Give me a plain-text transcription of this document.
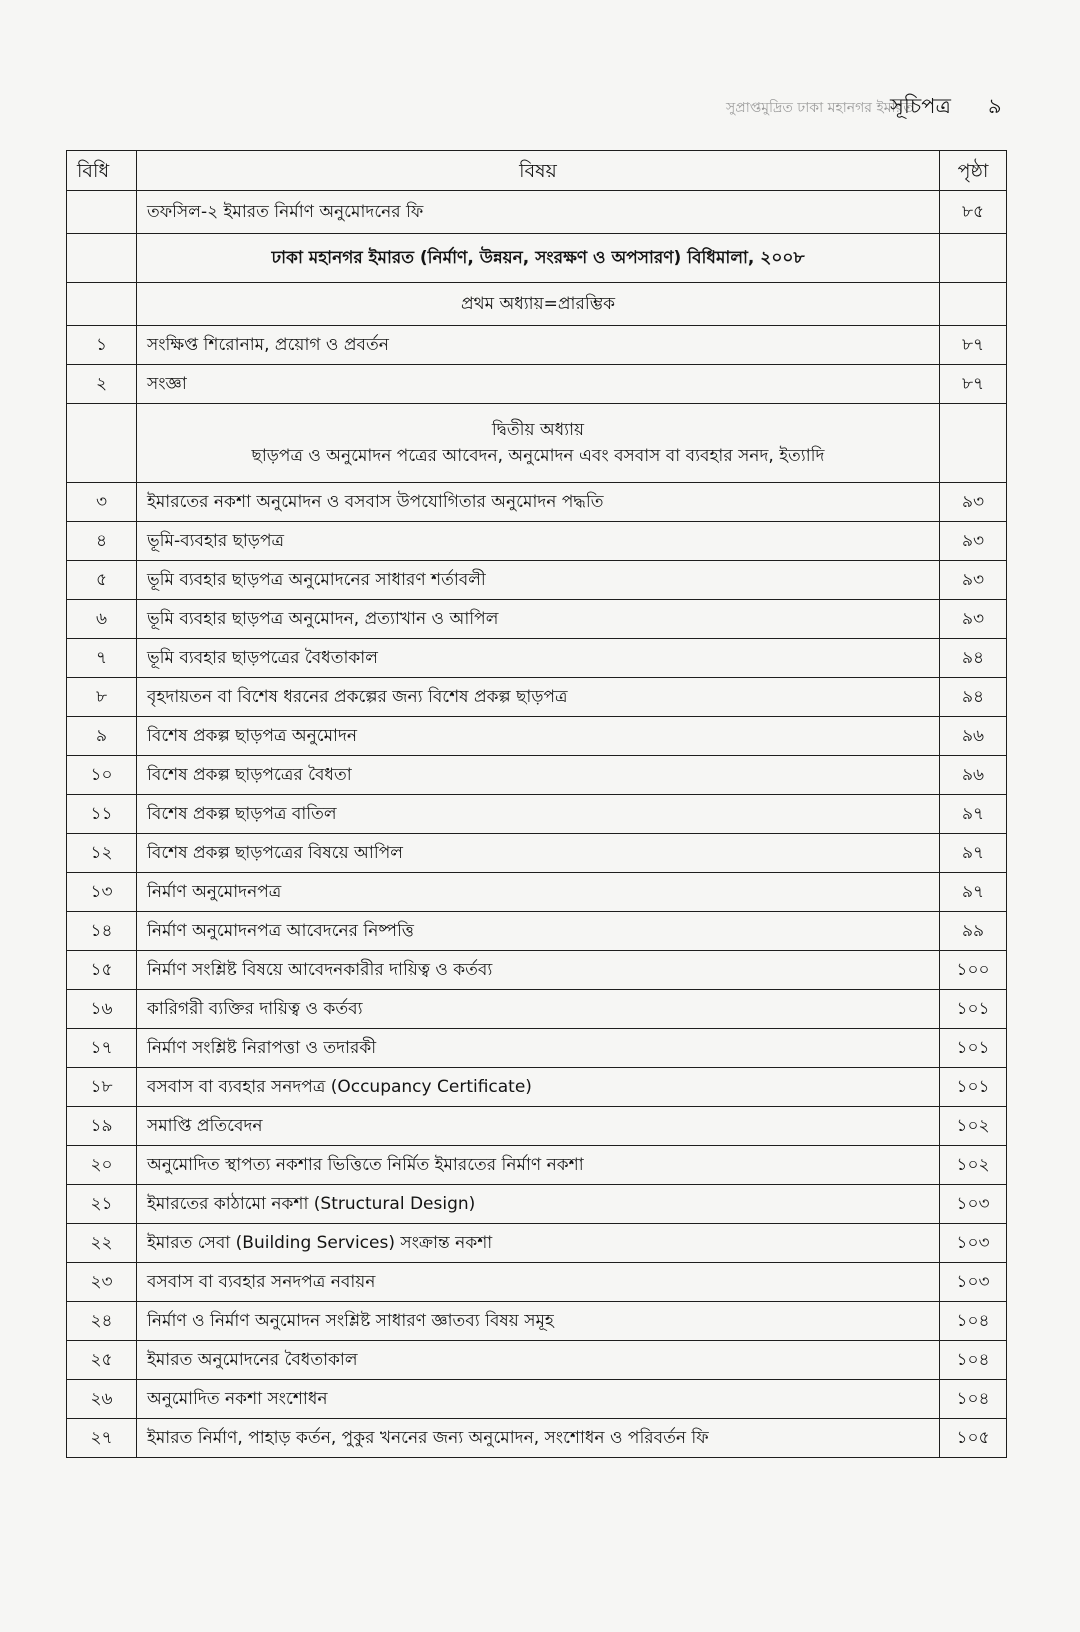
সুপ্রাপ্তমুদ্রিত ঢাকা মহানগর ইমারত
সূচিপত্র ৯
বিধি	বিষয়	পৃষ্ঠা
	তফসিল-২ ইমারত নির্মাণ অনুমোদনের ফি	৮৫
	ঢাকা মহানগর ইমারত (নির্মাণ, উন্নয়ন, সংরক্ষণ ও অপসারণ) বিধিমালা, ২০০৮	
	প্রথম অধ্যায়=প্রারম্ভিক	
১	সংক্ষিপ্ত শিরোনাম, প্রয়োগ ও প্রবর্তন	৮৭
২	সংজ্ঞা	৮৭

	দ্বিতীয় অধ্যায়
ছাড়পত্র ও অনুমোদন পত্রের আবেদন, অনুমোদন এবং বসবাস বা ব্যবহার সনদ, ইত্যাদি	

৩	ইমারতের নকশা অনুমোদন ও বসবাস উপযোগিতার অনুমোদন পদ্ধতি	৯৩
৪	ভূমি-ব্যবহার ছাড়পত্র	৯৩
৫	ভূমি ব্যবহার ছাড়পত্র অনুমোদনের সাধারণ শর্তাবলী	৯৩
৬	ভূমি ব্যবহার ছাড়পত্র অনুমোদন, প্রত্যাখান ও আপিল	৯৩
৭	ভূমি ব্যবহার ছাড়পত্রের বৈধতাকাল	৯৪
৮	বৃহদায়তন বা বিশেষ ধরনের প্রকল্পের জন্য বিশেষ প্রকল্প ছাড়পত্র	৯৪
৯	বিশেষ প্রকল্প ছাড়পত্র অনুমোদন	৯৬
১০	বিশেষ প্রকল্প ছাড়পত্রের বৈধতা	৯৬
১১	বিশেষ প্রকল্প ছাড়পত্র বাতিল	৯৭
১২	বিশেষ প্রকল্প ছাড়পত্রের বিষয়ে আপিল	৯৭
১৩	নির্মাণ অনুমোদনপত্র	৯৭
১৪	নির্মাণ অনুমোদনপত্র আবেদনের নিষ্পত্তি	৯৯
১৫	নির্মাণ সংশ্লিষ্ট বিষয়ে আবেদনকারীর দায়িত্ব ও কর্তব্য	১০০
১৬	কারিগরী ব্যক্তির দায়িত্ব ও কর্তব্য	১০১
১৭	নির্মাণ সংশ্লিষ্ট নিরাপত্তা ও তদারকী	১০১
১৮	বসবাস বা ব্যবহার সনদপত্র (Occupancy Certificate)	১০১
১৯	সমাপ্তি প্রতিবেদন	১০২
২০	অনুমোদিত স্থাপত্য নকশার ভিত্তিতে নির্মিত ইমারতের নির্মাণ নকশা	১০২
২১	ইমারতের কাঠামো নকশা (Structural Design)	১০৩
২২	ইমারত সেবা (Building Services) সংক্রান্ত নকশা	১০৩
২৩	বসবাস বা ব্যবহার সনদপত্র নবায়ন	১০৩
২৪	নির্মাণ ও নির্মাণ অনুমোদন সংশ্লিষ্ট সাধারণ জ্ঞাতব্য বিষয় সমূহ	১০৪
২৫	ইমারত অনুমোদনের বৈধতাকাল	১০৪
২৬	অনুমোদিত নকশা সংশোধন	১০৪
২৭	ইমারত নির্মাণ, পাহাড় কর্তন, পুকুর খননের জন্য অনুমোদন, সংশোধন ও পরিবর্তন ফি	১০৫
